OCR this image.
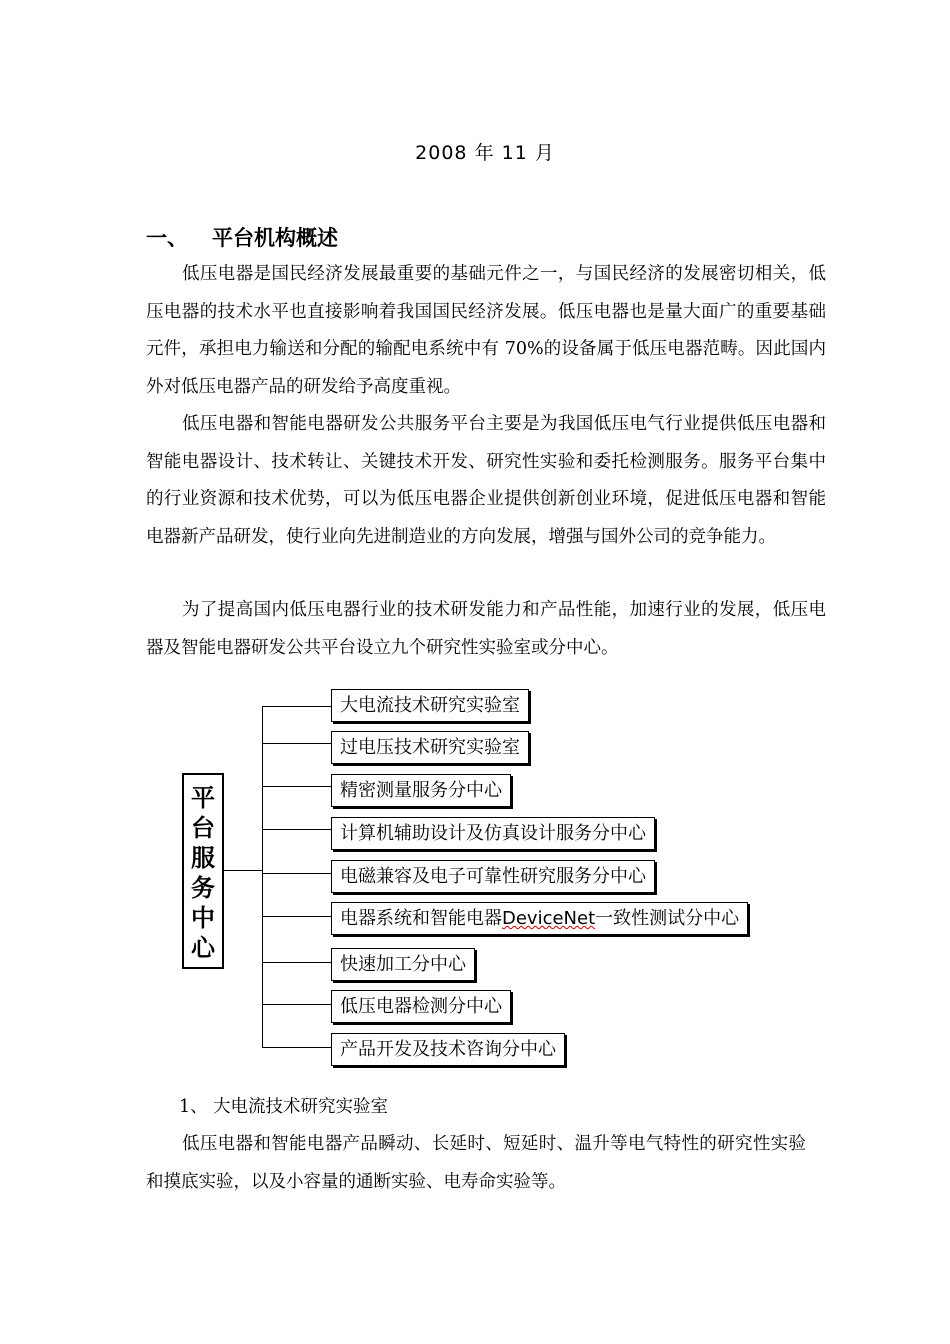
2008 年 11 月
一、 平台机构概述
低压电器是国民经济发展最重要的基础元件之一，与国民经济的发展密切相关，低压电器的技术水平也直接影响着我国国民经济发展。低压电器也是量大面广的重要基础元件，承担电力输送和分配的输配电系统中有 70%的设备属于低压电器范畴。因此国内外对低压电器产品的研发给予高度重视。
低压电器和智能电器研发公共服务平台主要是为我国低压电气行业提供低压电器和智能电器设计、技术转让、关键技术开发、研究性实验和委托检测服务。服务平台集中的行业资源和技术优势，可以为低压电器企业提供创新创业环境，促进低压电器和智能电器新产品研发，使行业向先进制造业的方向发展，增强与国外公司的竞争能力。
为了提高国内低压电器行业的技术研发能力和产品性能，加速行业的发展，低压电器及智能电器研发公共平台设立九个研究性实验室或分中心。
平
台
服
务
中
心
大电流技术研究实验室
过电压技术研究实验室
精密测量服务分中心
计算机辅助设计及仿真设计服务分中心
电磁兼容及电子可靠性研究服务分中心
电器系统和智能电器DeviceNet一致性测试分中心
快速加工分中心
低压电器检测分中心
产品开发及技术咨询分中心
1、 大电流技术研究实验室
低压电器和智能电器产品瞬动、长延时、短延时、温升等电气特性的研究性实验和摸底实验，以及小容量的通断实验、电寿命实验等。
